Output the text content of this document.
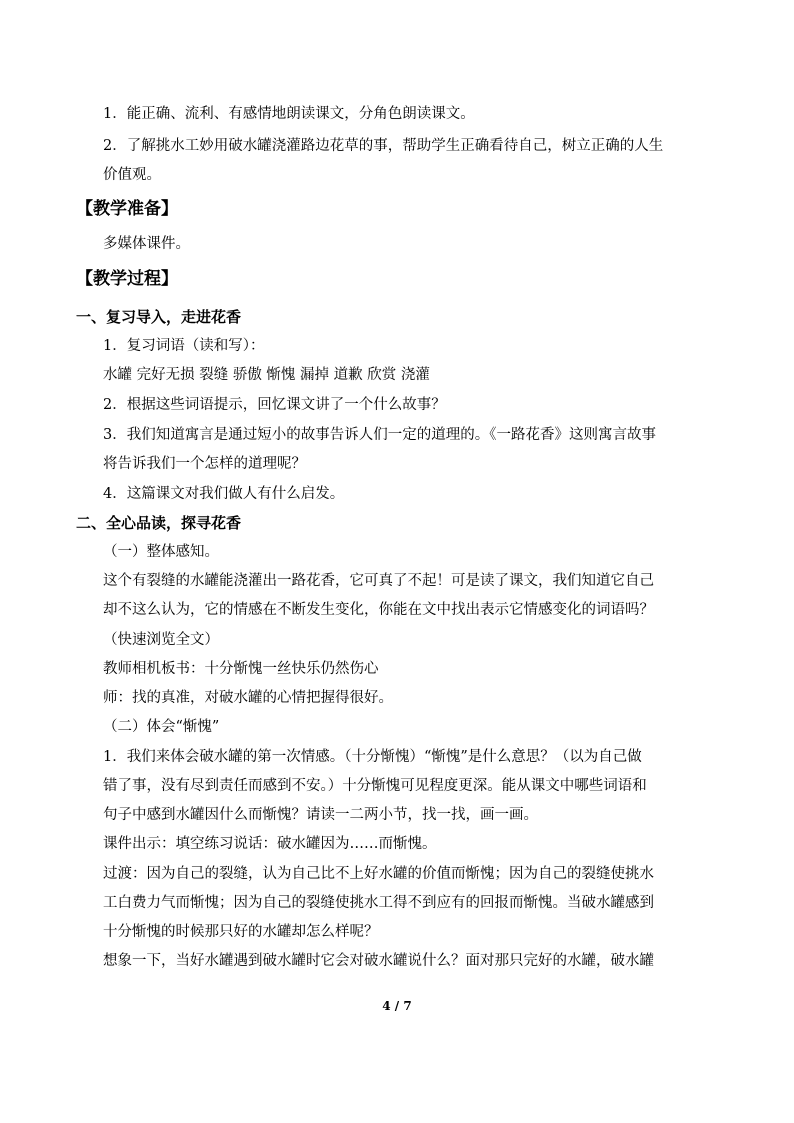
1．能正确、流利、有感情地朗读课文，分角色朗读课文。
2．了解挑水工妙用破水罐浇灌路边花草的事，帮助学生正确看待自己，树立正确的人生
价值观。
【教学准备】
多媒体课件。
【教学过程】
一、复习导入，走进花香
1．复习词语（读和写）：
水罐 完好无损 裂缝 骄傲 惭愧 漏掉 道歉 欣赏 浇灌
2．根据这些词语提示，回忆课文讲了一个什么故事？
3．我们知道寓言是通过短小的故事告诉人们一定的道理的。《一路花香》这则寓言故事
将告诉我们一个怎样的道理呢？
4．这篇课文对我们做人有什么启发。
二、全心品读，探寻花香
（一）整体感知。
这个有裂缝的水罐能浇灌出一路花香，它可真了不起！可是读了课文，我们知道它自己
却不这么认为，它的情感在不断发生变化，你能在文中找出表示它情感变化的词语吗？
（快速浏览全文）
教师相机板书：十分惭愧一丝快乐仍然伤心
师：找的真准，对破水罐的心情把握得很好。
（二）体会“惭愧”
1．我们来体会破水罐的第一次情感。（十分惭愧）“惭愧”是什么意思？（以为自己做
错了事，没有尽到责任而感到不安。）十分惭愧可见程度更深。能从课文中哪些词语和
句子中感到水罐因什么而惭愧？请读一二两小节，找一找，画一画。
课件出示：填空练习说话：破水罐因为……而惭愧。
过渡：因为自己的裂缝，认为自己比不上好水罐的价值而惭愧；因为自己的裂缝使挑水
工白费力气而惭愧；因为自己的裂缝使挑水工得不到应有的回报而惭愧。当破水罐感到
十分惭愧的时候那只好的水罐却怎么样呢？
想象一下，当好水罐遇到破水罐时它会对破水罐说什么？面对那只完好的水罐，破水罐
4 / 7
